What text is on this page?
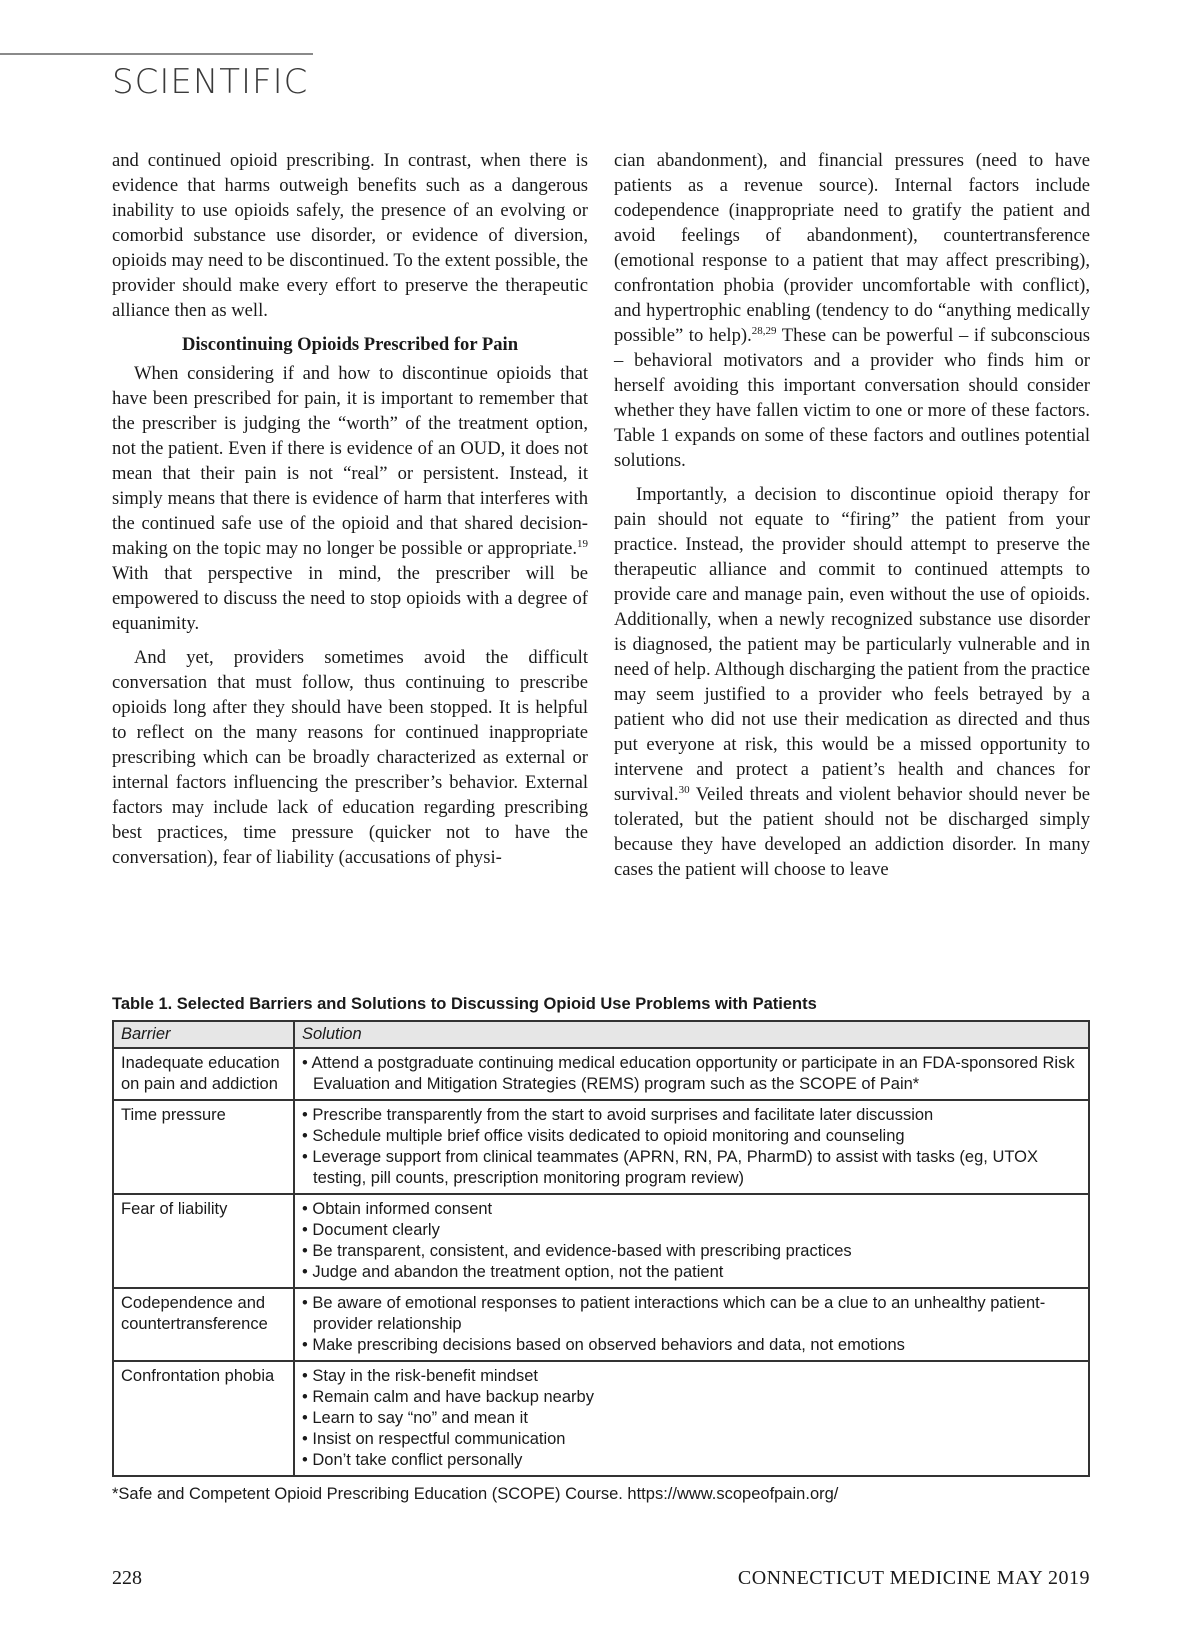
SCIENTIFIC

and continued opioid prescribing. In contrast, when there is evidence that harms outweigh benefits such as a dangerous inability to use opioids safely, the presence of an evolving or comorbid substance use disorder, or evidence of diversion, opioids may need to be discontinued. To the extent possible, the provider should make every effort to preserve the therapeutic alliance then as well.

Discontinuing Opioids Prescribed for Pain

When considering if and how to discontinue opioids that have been prescribed for pain, it is important to remember that the prescriber is judging the “worth” of the treatment option, not the patient. Even if there is evidence of an OUD, it does not mean that their pain is not “real” or persistent. Instead, it simply means that there is evidence of harm that interferes with the continued safe use of the opioid and that shared decision-making on the topic may no longer be possible or appropriate.$^{19}$ With that perspective in mind, the prescriber will be empowered to discuss the need to stop opioids with a degree of equanimity.

And yet, providers sometimes avoid the difficult conversation that must follow, thus continuing to prescribe opioids long after they should have been stopped. It is helpful to reflect on the many reasons for continued inappropriate prescribing which can be broadly characterized as external or internal factors influencing the prescriber’s behavior. External factors may include lack of education regarding prescribing best practices, time pressure (quicker not to have the conversation), fear of liability (accusations of physi-

cian abandonment), and financial pressures (need to have patients as a revenue source). Internal factors include codependence (inappropriate need to gratify the patient and avoid feelings of abandonment), countertransference (emotional response to a patient that may affect prescribing), confrontation phobia (provider uncomfortable with conflict), and hypertrophic enabling (tendency to do “anything medically possible” to help).$^{28,29}$ These can be powerful – if subconscious – behavioral motivators and a provider who finds him or herself avoiding this important conversation should consider whether they have fallen victim to one or more of these factors. Table 1 expands on some of these factors and outlines potential solutions.

Importantly, a decision to discontinue opioid therapy for pain should not equate to “firing” the patient from your practice. Instead, the provider should attempt to preserve the therapeutic alliance and commit to continued attempts to provide care and manage pain, even without the use of opioids. Additionally, when a newly recognized substance use disorder is diagnosed, the patient may be particularly vulnerable and in need of help. Although discharging the patient from the practice may seem justified to a provider who feels betrayed by a patient who did not use their medication as directed and thus put everyone at risk, this would be a missed opportunity to intervene and protect a patient’s health and chances for survival.$^{30}$ Veiled threats and violent behavior should never be tolerated, but the patient should not be discharged simply because they have developed an addiction disorder. In many cases the patient will choose to leave

Table 1. Selected Barriers and Solutions to Discussing Opioid Use Problems with Patients
Barrier	Solution
Inadequate education on pain and addiction	• Attend a postgraduate continuing medical education opportunity or participate in an FDA-sponsored Risk Evaluation and Mitigation Strategies (REMS) program such as the SCOPE of Pain*

Time pressure	• Prescribe transparently from the start to avoid surprises and facilitate later discussion
• Schedule multiple brief office visits dedicated to opioid monitoring and counseling
• Leverage support from clinical teammates (APRN, RN, PA, PharmD) to assist with tasks (eg, UTOX testing, pill counts, prescription monitoring program review)

Fear of liability	• Obtain informed consent
• Document clearly
• Be transparent, consistent, and evidence-based with prescribing practices
• Judge and abandon the treatment option, not the patient

Codependence and countertransference	• Be aware of emotional responses to patient interactions which can be a clue to an unhealthy patient-provider relationship
• Make prescribing decisions based on observed behaviors and data, not emotions

Confrontation phobia	• Stay in the risk-benefit mindset
• Remain calm and have backup nearby
• Learn to say “no” and mean it
• Insist on respectful communication
• Don’t take conflict personally
*Safe and Competent Opioid Prescribing Education (SCOPE) Course. https://www.scopeofpain.org/
228	CONNECTICUT MEDICINE MAY 2019
